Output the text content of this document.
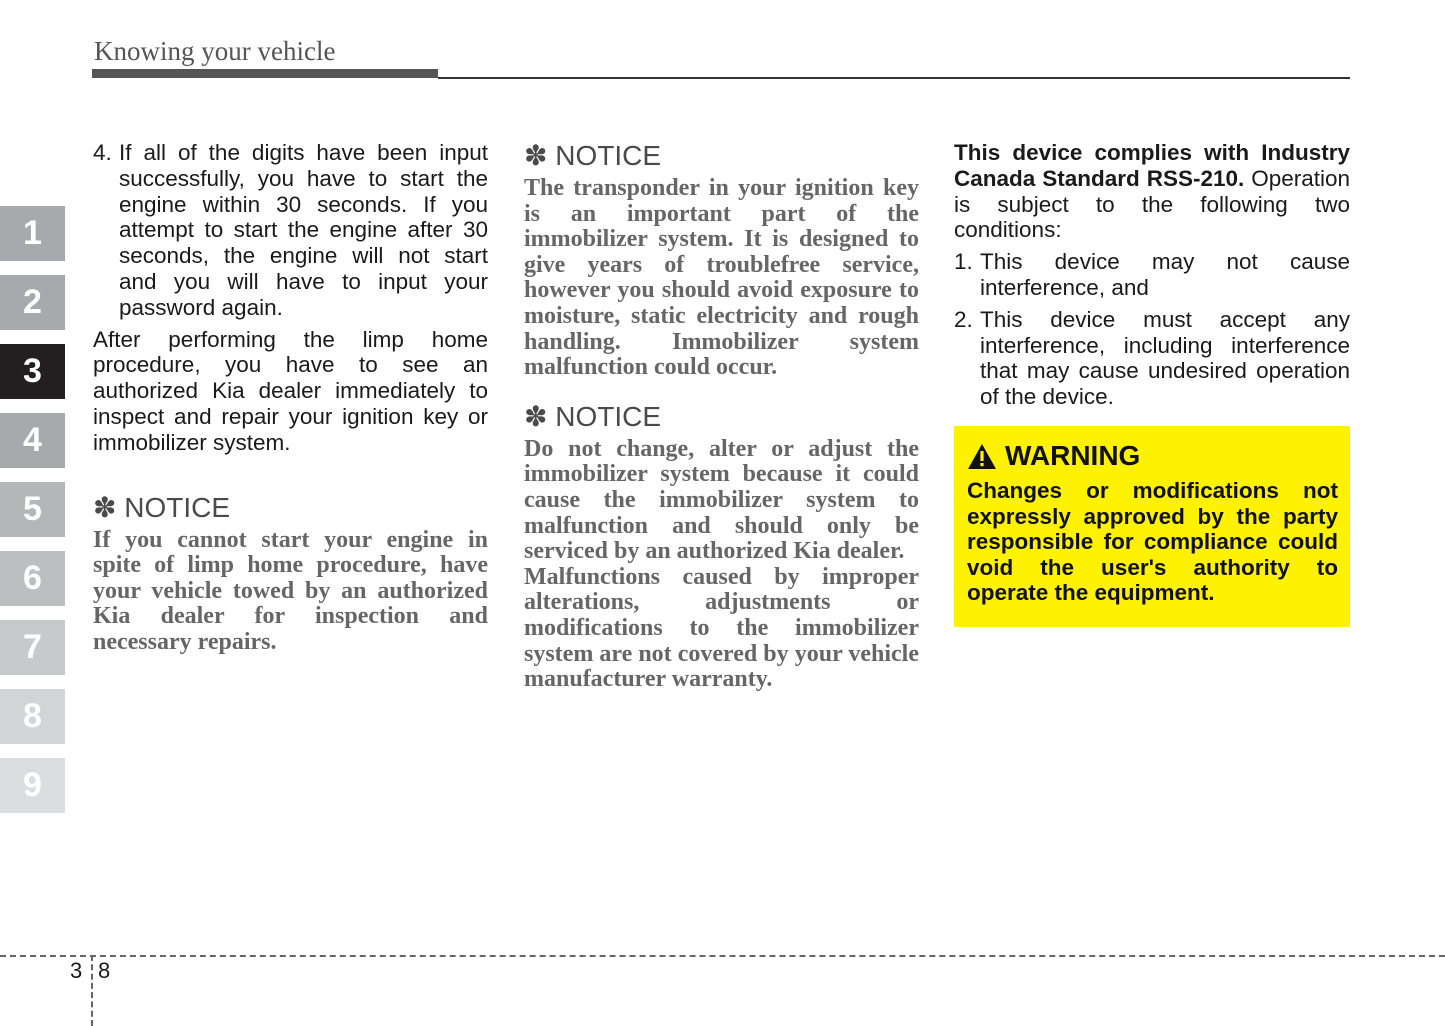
Knowing your vehicle
1
2
3
4
5
6
7
8
9
4. If all of the digits have been input successfully, you have to start the engine within 30 seconds. If you attempt to start the engine after 30 seconds, the engine will not start and you will have to input your password again.
After performing the limp home procedure, you have to see an authorized Kia dealer immediately to inspect and repair your ignition key or immobilizer system.
✽ NOTICE
If you cannot start your engine in spite of limp home procedure, have your vehicle towed by an authorized Kia dealer for inspection and necessary repairs.
✽ NOTICE
The transponder in your ignition key is an important part of the immobilizer system. It is designed to give years of troublefree service, however you should avoid exposure to moisture, static electricity and rough handling. Immobilizer system malfunction could occur.
✽ NOTICE
Do not change, alter or adjust the immobilizer system because it could cause the immobilizer system to malfunction and should only be serviced by an authorized Kia dealer.
Malfunctions caused by improper alterations, adjustments or modifications to the immobilizer system are not covered by your vehicle manufacturer warranty.
This device complies with Industry Canada Standard RSS-210. Operation is subject to the following two conditions:
1. This device may not cause interference, and
2. This device must accept any interference, including interference that may cause undesired operation of the device.
WARNING
Changes or modifications not expressly approved by the party responsible for compliance could void the user's authority to operate the equipment.
3 8
